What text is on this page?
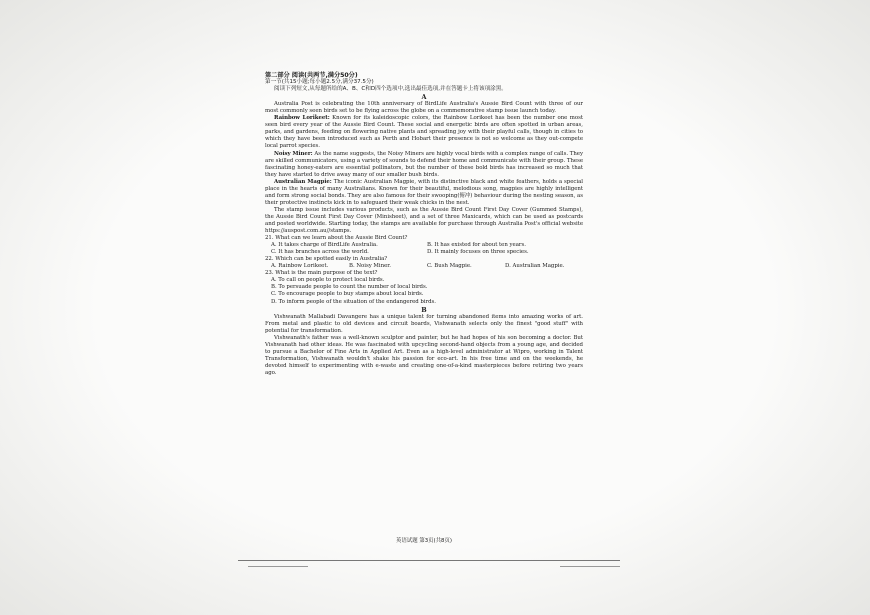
第二部分 阅读(共两节,满分50分)

第一节(共15小题;每小题2.5分,满分37.5分)

阅读下列短文,从每题所给的A、B、C和D四个选项中,选出最佳选项,并在答题卡上将该项涂黑。

A

Australia Post is celebrating the 10th anniversary of BirdLife Australia's Aussie Bird Count with three of our most commonly seen birds set to be flying across the globe on a commemorative stamp issue launch today.

Rainbow Lorikeet: Known for its kaleidoscopic colors, the Rainbow Lorikeet has been the number one most seen bird every year of the Aussie Bird Count. These social and energetic birds are often spotted in urban areas, parks, and gardens, feeding on flowering native plants and spreading joy with their playful calls, though in cities to which they have been introduced such as Perth and Hobart their presence is not so welcome as they out-compete local parrot species.

Noisy Miner: As the name suggests, the Noisy Miners are highly vocal birds with a complex range of calls. They are skilled communicators, using a variety of sounds to defend their home and communicate with their group. These fascinating honey-eaters are essential pollinators, but the number of these bold birds has increased so much that they have started to drive away many of our smaller bush birds.

Australian Magpie: The iconic Australian Magpie, with its distinctive black and white feathers, holds a special place in the hearts of many Australians. Known for their beautiful, melodious song, magpies are highly intelligent and form strong social bonds. They are also famous for their swooping(俯冲) behaviour during the nesting season, as their protective instincts kick in to safeguard their weak chicks in the nest.

The stamp issue includes various products, such as the Aussie Bird Count First Day Cover (Gummed Stamps), the Aussie Bird Count First Day Cover (Minisheet), and a set of three Maxicards, which can be used as postcards and posted worldwide. Starting today, the stamps are available for purchase through Australia Post's official website https://auspost.com.au//stamps.

21. What can we learn about the Aussie Bird Count?

A. It takes charge of BirdLife Australia.	B. It has existed for about ten years.
C. It has branches across the world.	D. It mainly focuses on three species.

22. Which can be spotted easily in Australia?

A. Rainbow Lorikeet.	B. Noisy Miner.	C. Bush Magpie.	D. Australian Magpie.

23. What is the main purpose of the text?

A. To call on people to protect local birds.
B. To persuade people to count the number of local birds.
C. To encourage people to buy stamps about local birds.
D. To inform people of the situation of the endangered birds.

B

Vishwanath Mallabadi Davangere has a unique talent for turning abandoned items into amazing works of art. From metal and plastic to old devices and circuit boards, Vishwanath selects only the finest "good stuff" with potential for transformation.

Vishwanath's father was a well-known sculptor and painter, but he had hopes of his son becoming a doctor. But Vishwanath had other ideas. He was fascinated with upcycling second-hand objects from a young age, and decided to pursue a Bachelor of Fine Arts in Applied Art. Even as a high-level administrator at Wipro, working in Talent Transformation, Vishwanath wouldn't shake his passion for eco-art. In his free time and on the weekends, he devoted himself to experimenting with e-waste and creating one-of-a-kind masterpieces before retiring two years ago.

英语试题 第3页(共8页)
